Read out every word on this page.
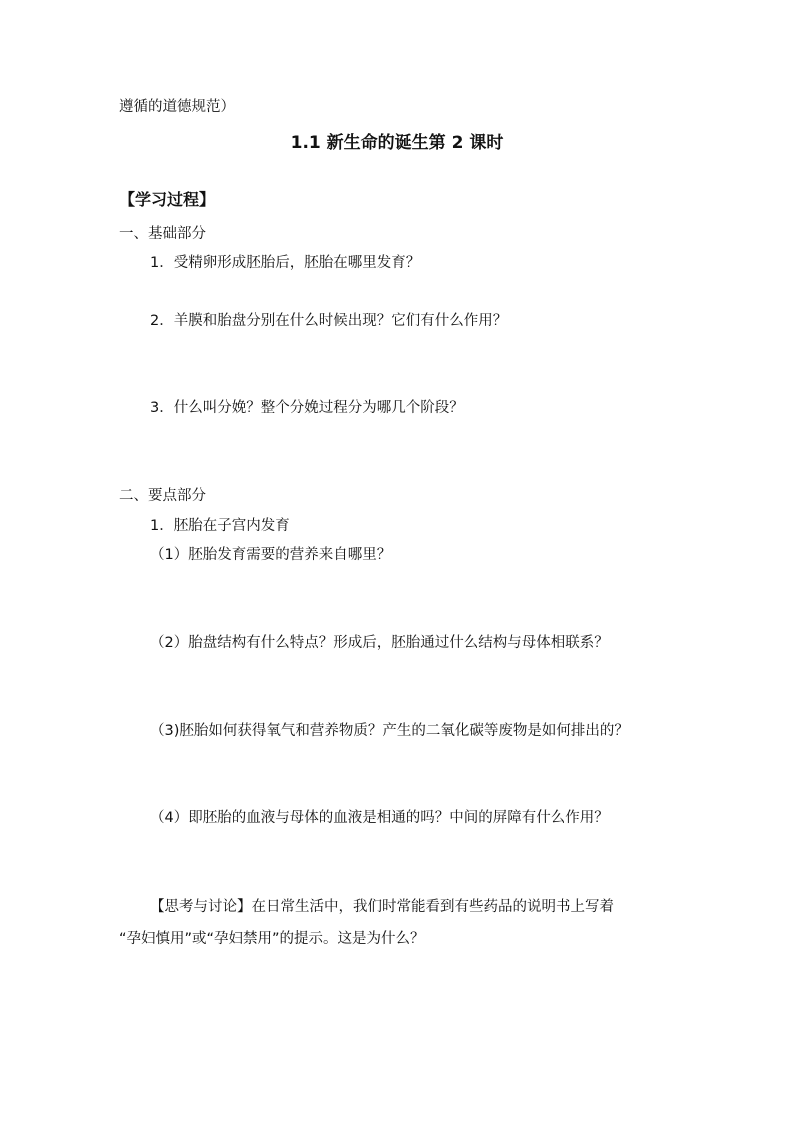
遵循的道德规范）
1.1 新生命的诞生第 2 课时
【学习过程】
一、基础部分
1．受精卵形成胚胎后，胚胎在哪里发育？
2．羊膜和胎盘分别在什么时候出现？它们有什么作用？
3．什么叫分娩？整个分娩过程分为哪几个阶段？
二、要点部分
1．胚胎在子宫内发育
（1）胚胎发育需要的营养来自哪里？
（2）胎盘结构有什么特点？形成后，胚胎通过什么结构与母体相联系？
（3)胚胎如何获得氧气和营养物质？产生的二氧化碳等废物是如何排出的？
（4）即胚胎的血液与母体的血液是相通的吗？中间的屏障有什么作用？
【思考与讨论】在日常生活中，我们时常能看到有些药品的说明书上写着
“孕妇慎用”或“孕妇禁用”的提示。这是为什么？
